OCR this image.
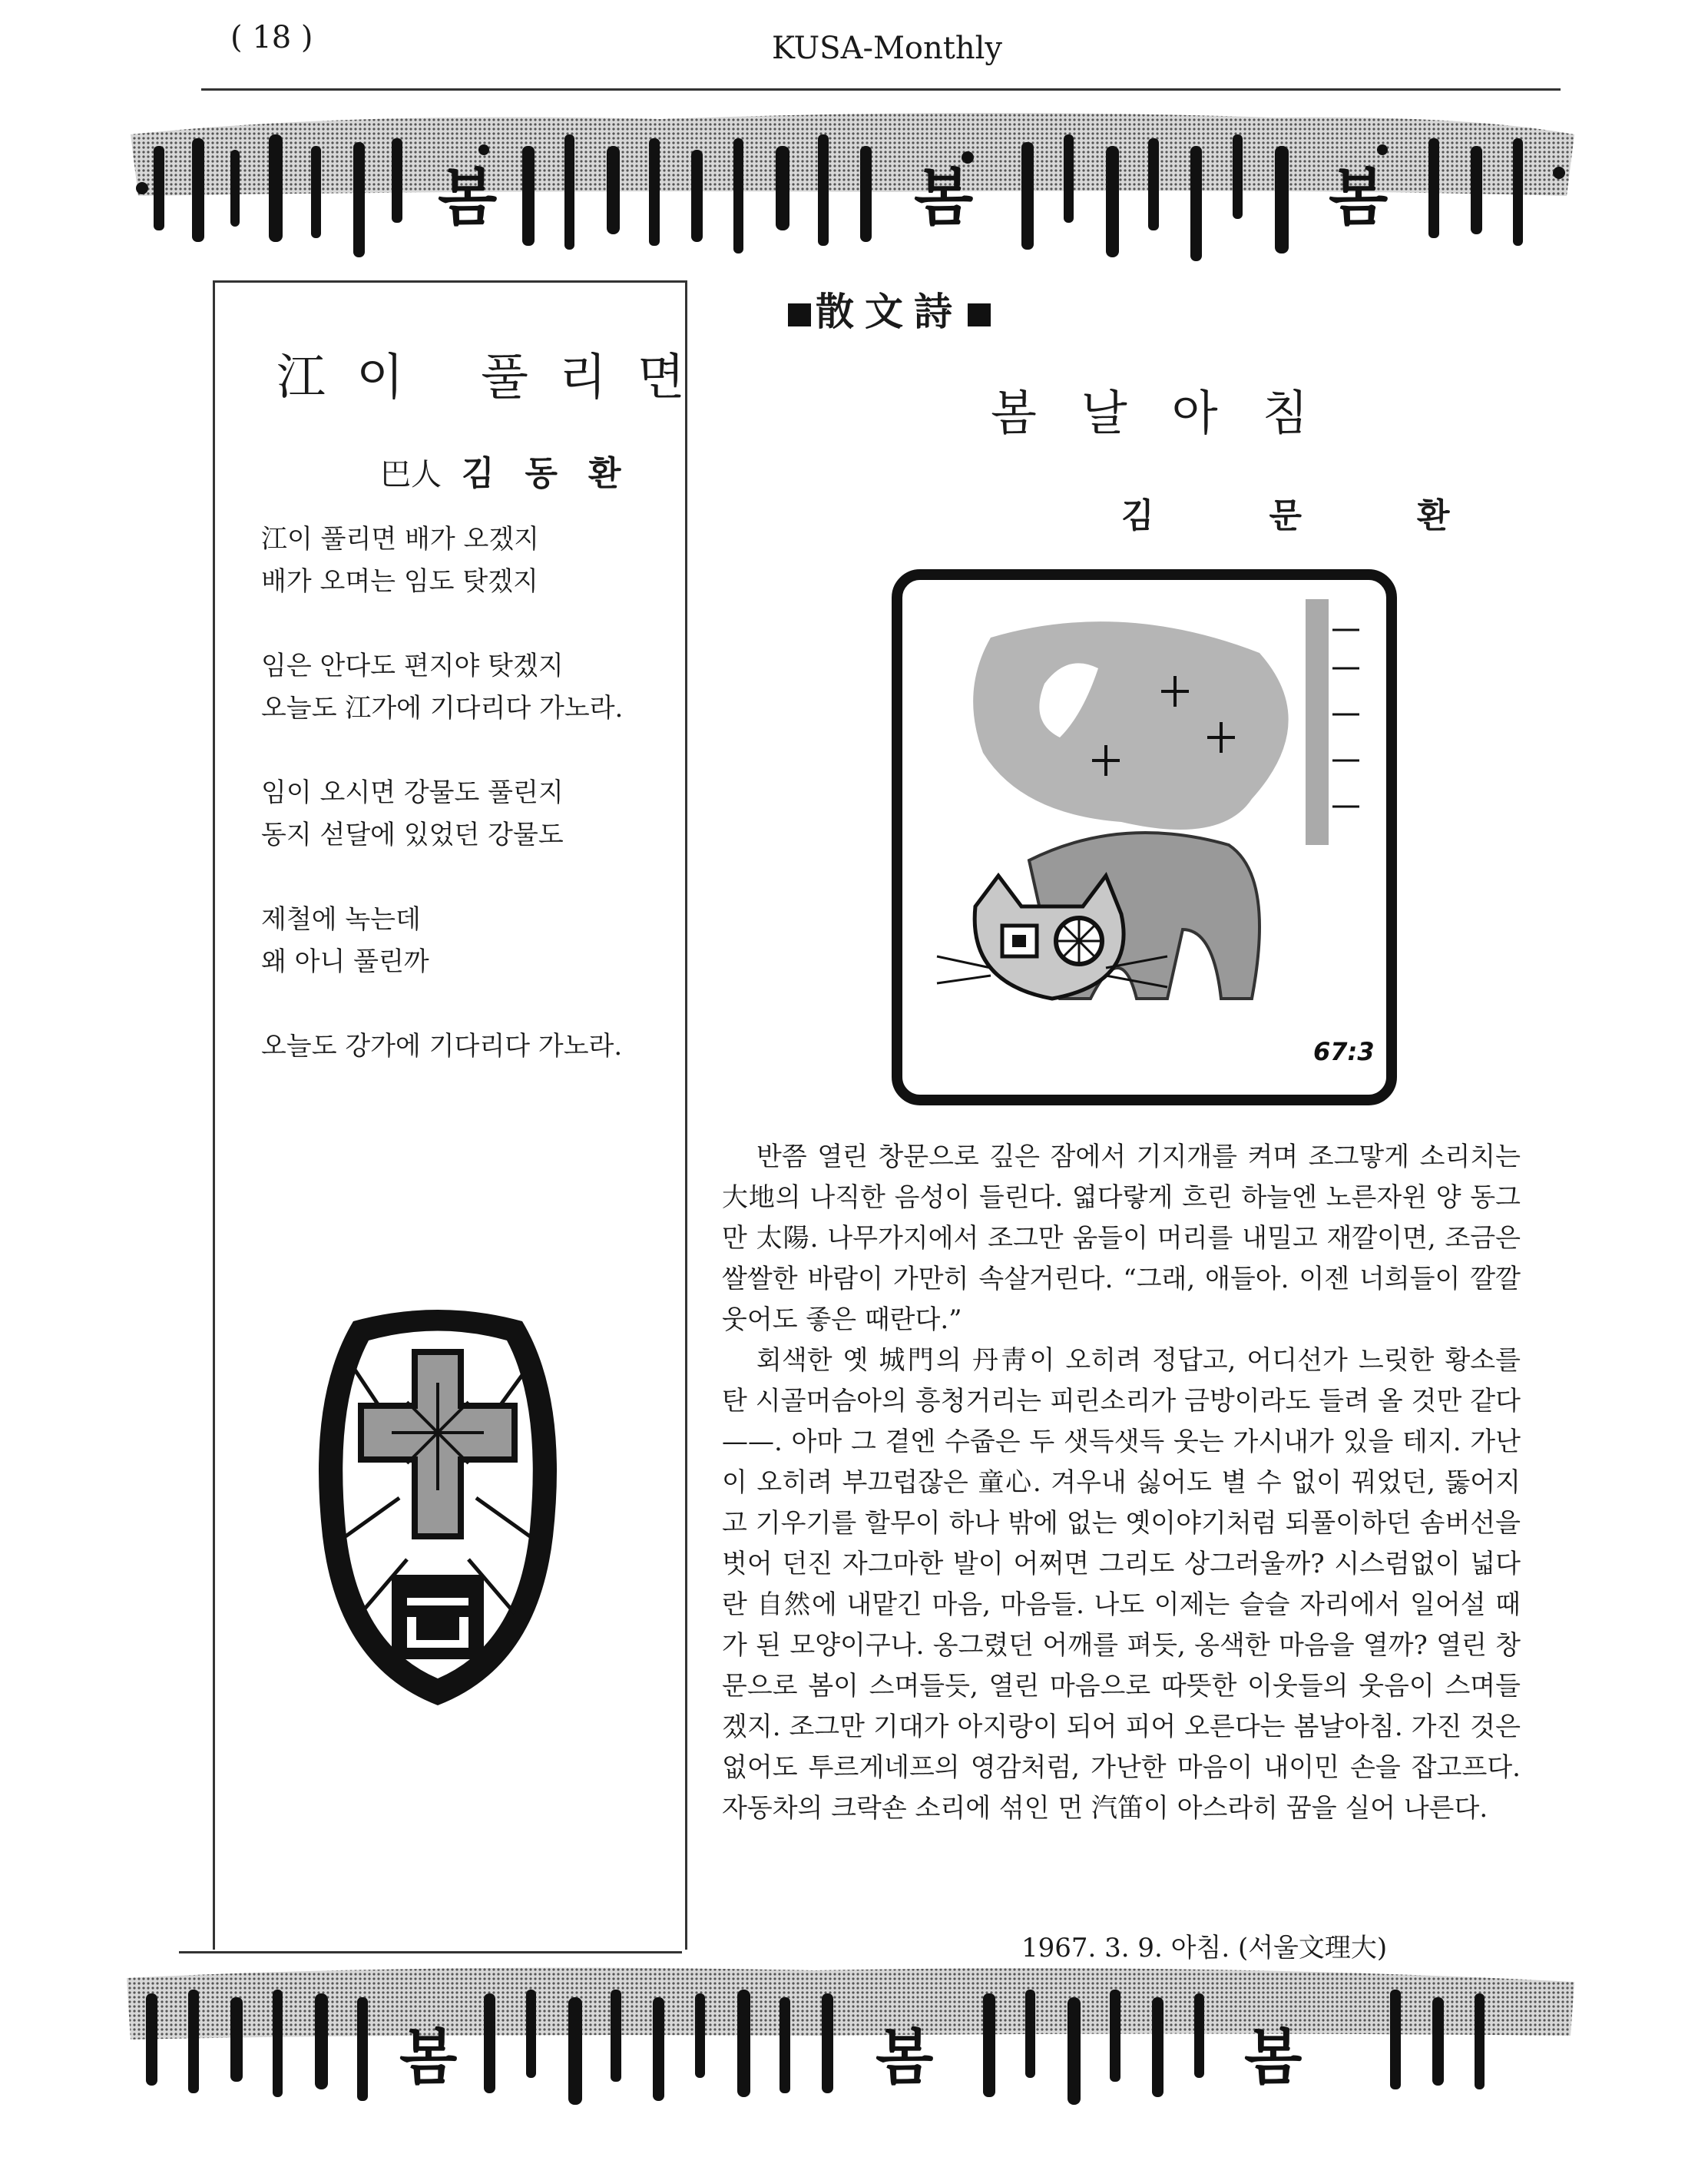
( 18 )	KUSA-Monthly
봄	봄	봄
江이 풀리면
巴人 김동환
江이 풀리면 배가 오겠지
배가 오며는 임도 탓겠지
임은 안다도 편지야 탓겠지
오늘도 江가에 기다리다 가노라.
임이 오시면 강물도 풀린지
동지 섣달에 있었던 강물도
제철에 녹는데
왜 아니 풀린까
오늘도 강가에 기다리다 가노라.
散文詩
봄날아침
김문환
67:3

반쯤 열린 창문으로 깊은 잠에서 기지개를 켜며 조그맣게 소리치는 大地의 나직한 음성이 들린다. 엷다랗게 흐린 하늘엔 노른자윈 양 동그만 太陽. 나무가지에서 조그만 움들이 머리를 내밀고 재깔이면, 조금은 쌀쌀한 바람이 가만히 속살거린다. “그래, 애들아. 이젠 너희들이 깔깔 웃어도 좋은 때란다.”

회색한 옛 城門의 丹靑이 오히려 정답고, 어디선가 느릿한 황소를 탄 시골머슴아의 흥청거리는 피린소리가 금방이라도 들려 올 것만 같다——. 아마 그 곁엔 수줍은 두 샛득샛득 웃는 가시내가 있을 테지. 가난이 오히려 부끄럽잖은 童心. 겨우내 싫어도 별 수 없이 꿔었던, 뚫어지고 기우기를 할무이 하나 밖에 없는 옛이야기처럼 되풀이하던 솜버선을 벗어 던진 자그마한 발이 어쩌면 그리도 상그러울까? 시스럼없이 넓다란 自然에 내맡긴 마음, 마음들. 나도 이제는 슬슬 자리에서 일어설 때가 된 모양이구나. 옹그렸던 어깨를 펴듯, 옹색한 마음을 열까? 열린 창문으로 봄이 스며들듯, 열린 마음으로 따뜻한 이웃들의 웃음이 스며들겠지. 조그만 기대가 아지랑이 되어 피어 오른다는 봄날아침. 가진 것은 없어도 투르게네프의 영감처럼, 가난한 마음이 내이민 손을 잡고프다. 자동차의 크락숀 소리에 섞인 먼 汽笛이 아스라히 꿈을 실어 나른다.

1967. 3. 9. 아침. (서울文理大)
봄	봄	봄
